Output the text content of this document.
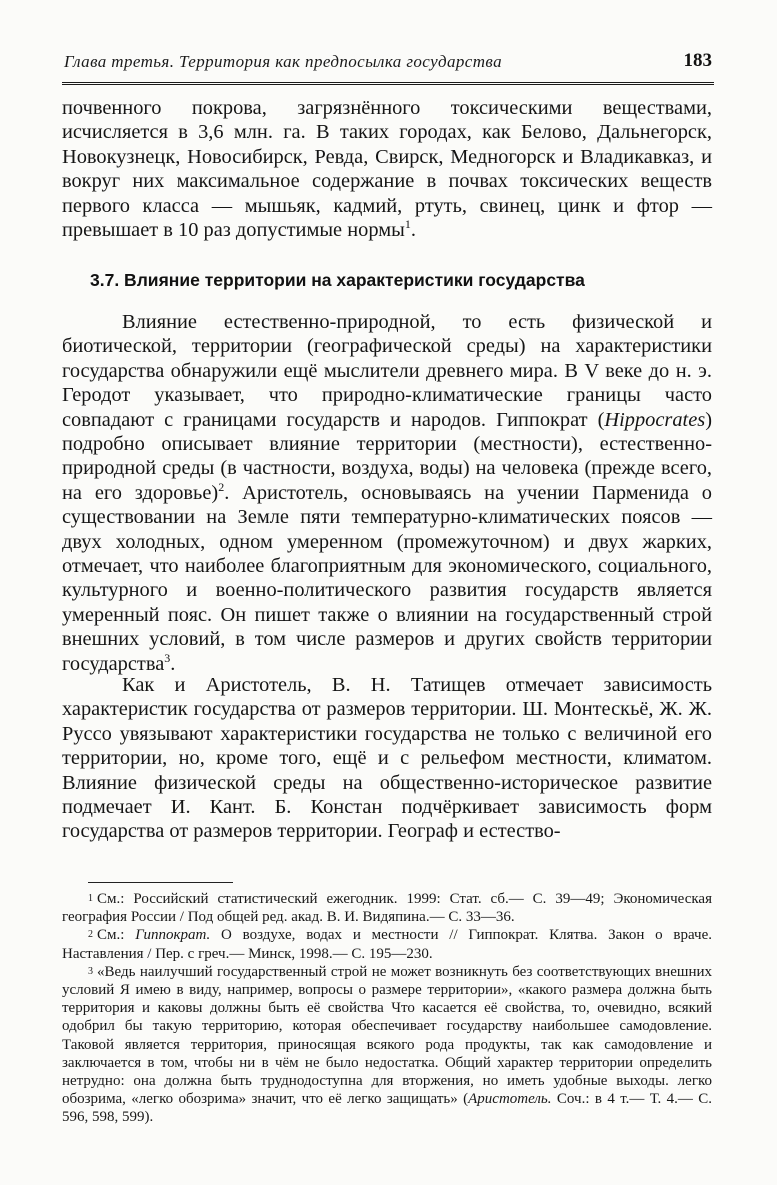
Глава третья. Территория как предпосылка государства	183

почвенного покрова, загрязнённого токсическими веществами, исчисляется в 3,6 млн. га. В таких городах, как Белово, Дальнегорск, Новокузнецк, Новосибирск, Ревда, Свирск, Медногорск и Владикавказ, и вокруг них максимальное содержание в почвах токсических веществ первого класса — мышьяк, кадмий, ртуть, свинец, цинк и фтор — превышает в 10 раз допустимые нормы$^1$.

3.7. Влияние территории на характеристики государства

Влияние естественно-природной, то есть физической и биотической, территории (географической среды) на характеристики государства обнаружили ещё мыслители древнего мира. В V веке до н. э. Геродот указывает, что природно-климатические границы часто совпадают с границами государств и народов. Гиппократ (Hippocrates) подробно описывает влияние территории (местности), естественно-природной среды (в частности, воздуха, воды) на человека (прежде всего, на его здоровье)$^2$. Аристотель, основываясь на учении Парменида о существовании на Земле пяти температурно-климатических поясов — двух холодных, одном умеренном (промежуточном) и двух жарких, отмечает, что наиболее благоприятным для экономического, социального, культурного и военно-политического развития государств является умеренный пояс. Он пишет также о влиянии на государственный строй внешних условий, в том числе размеров и других свойств территории государства$^3$.

Как и Аристотель, В. Н. Татищев отмечает зависимость характеристик государства от размеров территории. Ш. Монтескьё, Ж. Ж. Руссо увязывают характеристики государства не только с величиной его территории, но, кроме того, ещё и с рельефом местности, климатом. Влияние физической среды на общественно-историческое развитие подмечает И. Кант. Б. Констан подчёркивает зависимость форм государства от размеров территории. Географ и естество-

$^1$ См.: Российский статистический ежегодник. 1999: Стат. сб.— С. 39—49; Экономическая география России / Под общей ред. акад. В. И. Видяпина.— С. 33—36.

$^2$ См.: Гиппократ. О воздухе, водах и местности // Гиппократ. Клятва. Закон о враче. Наставления / Пер. с греч.— Минск, 1998.— С. 195—230.

$^3$ «Ведь наилучший государственный строй не может возникнуть без соответствующих внешних условий Я имею в виду, например, вопросы о размере территории», «какого размера должна быть территория и каковы должны быть её свойства Что касается её свойства, то, очевидно, всякий одобрил бы такую территорию, которая обеспечивает государству наибольшее самодовление. Таковой является территория, приносящая всякого рода продукты, так как самодовление и заключается в том, чтобы ни в чём не было недостатка. Общий характер территории определить нетрудно: она должна быть труднодоступна для вторжения, но иметь удобные выходы. легко обозрима, «легко обозрима» значит, что её легко защищать» (Аристотель. Соч.: в 4 т.— Т. 4.— С. 596, 598, 599).
